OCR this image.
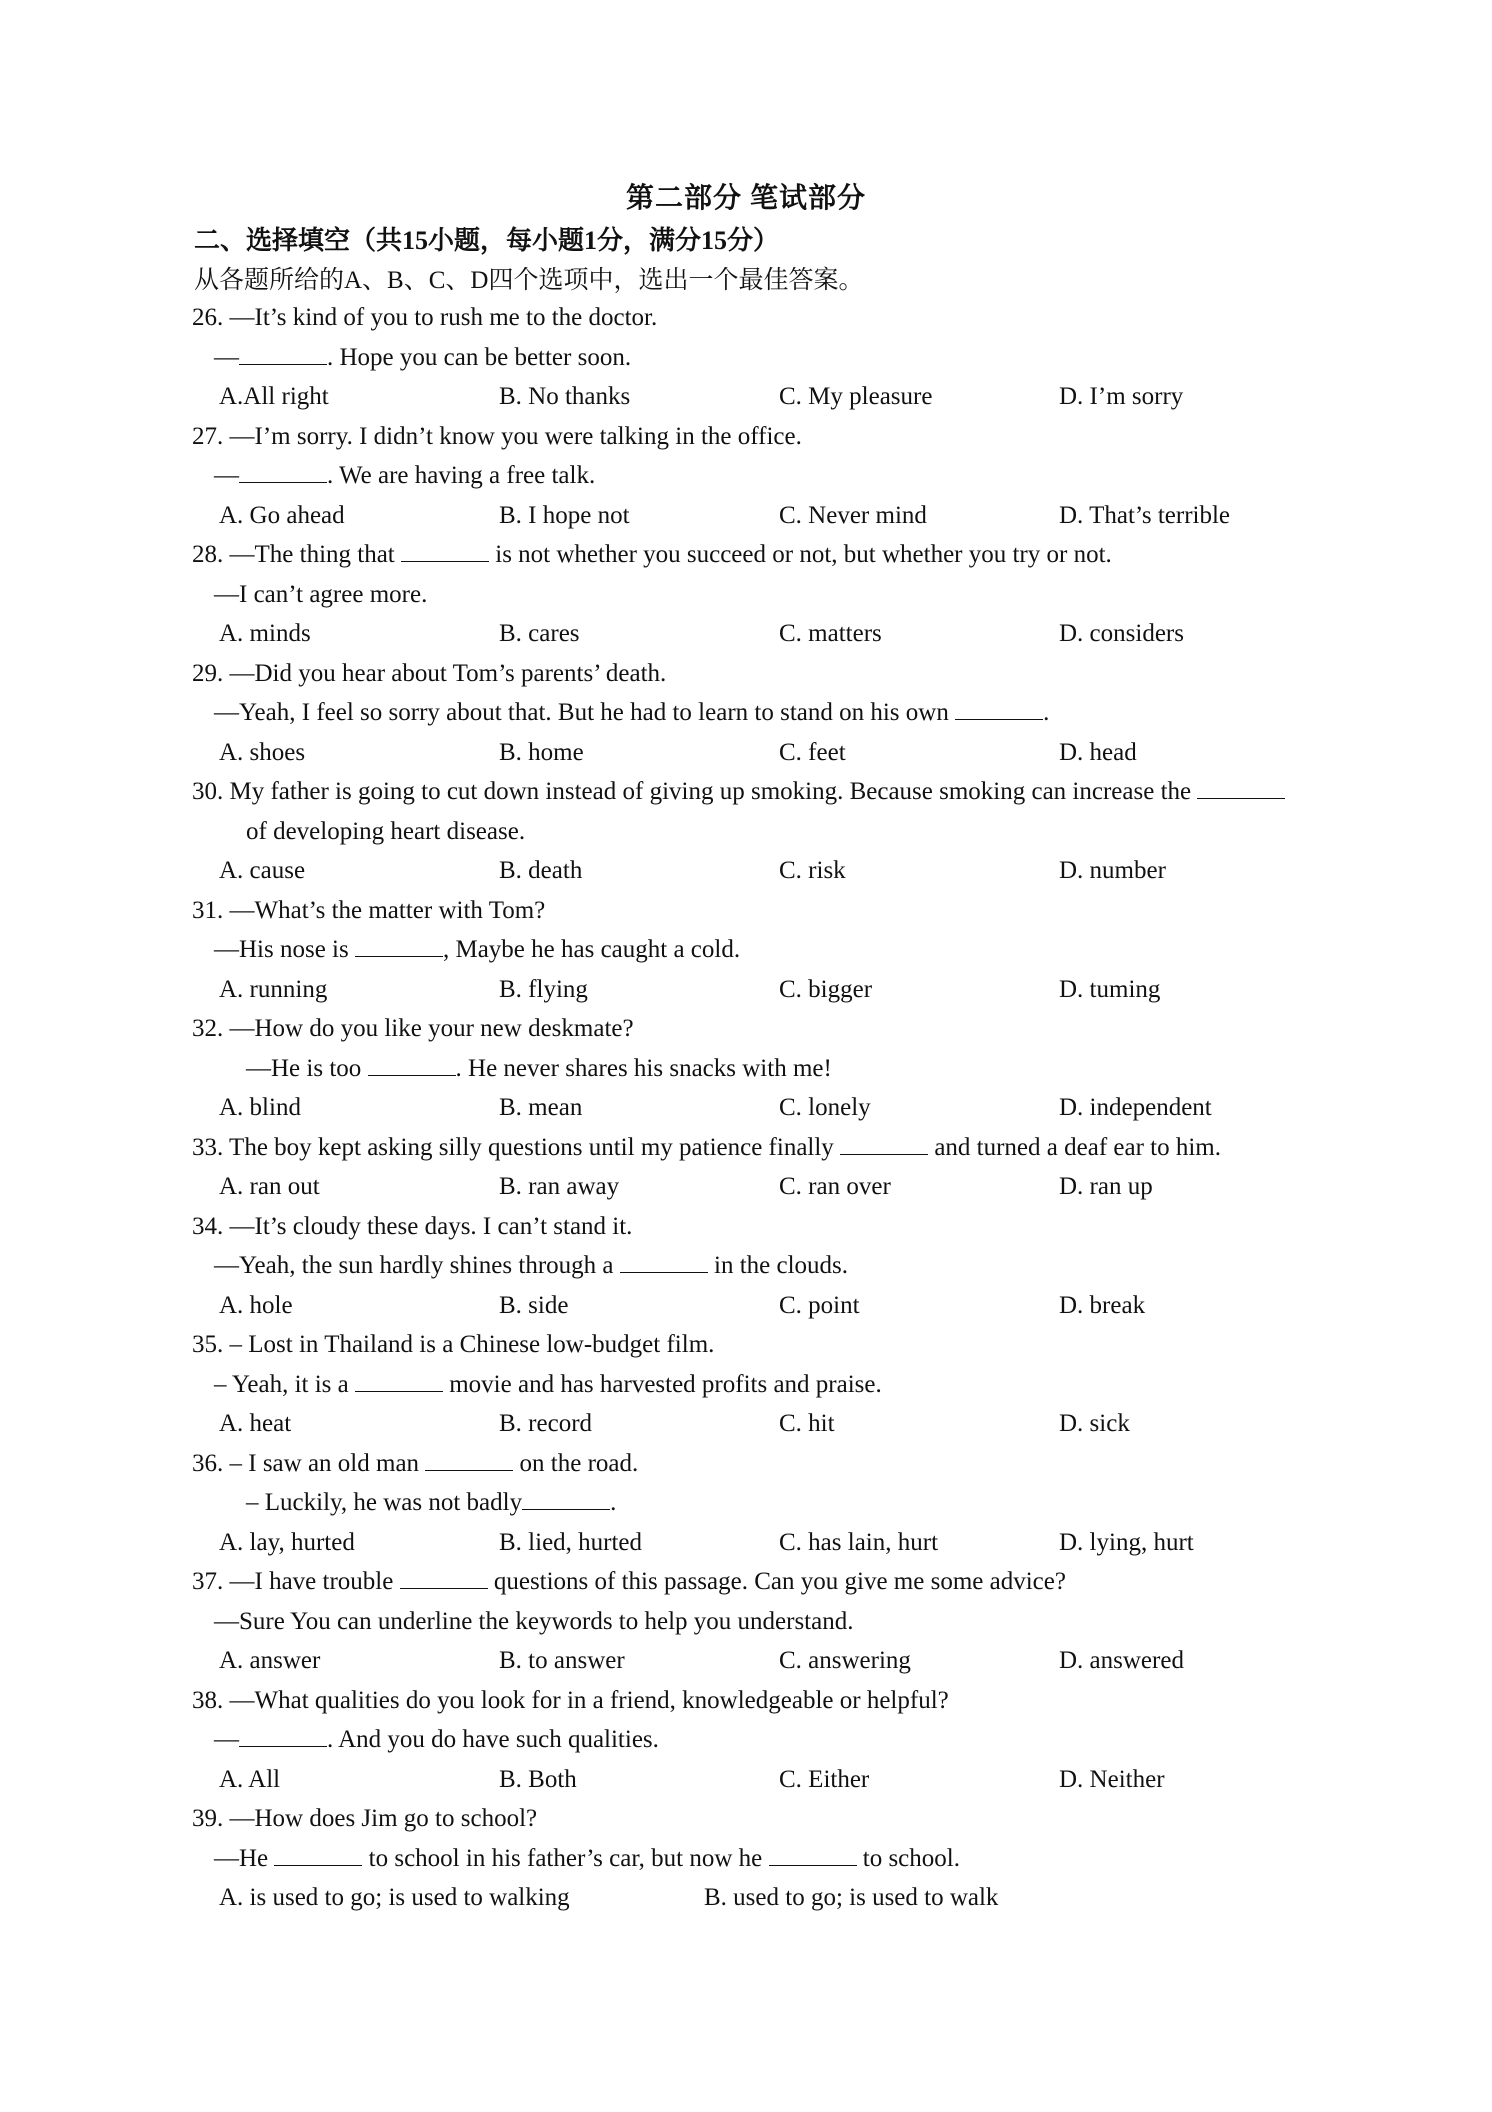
第二部分 笔试部分
二、选择填空（共15小题，每小题1分，满分15分）
从各题所给的A、B、C、D四个选项中，选出一个最佳答案。
26. —It’s kind of you to rush me to the doctor.
—	. Hope you can be better soon.
A.All right	B. No thanks	C. My pleasure	D. I’m sorry
27. —I’m sorry. I didn’t know you were talking in the office.
—	. We are having a free talk.
A. Go ahead	B. I hope not	C. Never mind	D. That’s terrible
28. —The thing that	is not whether you succeed or not, but whether you try or not.
—I can’t agree more.
A. minds	B. cares	C. matters	D. considers
29. —Did you hear about Tom’s parents’ death.
—Yeah, I feel so sorry about that. But he had to learn to stand on his own	.
A. shoes	B. home	C. feet	D. head
30. My father is going to cut down instead of giving up smoking. Because smoking can increase the
of developing heart disease.
A. cause	B. death	C. risk	D. number
31. —What’s the matter with Tom?
—His nose is	, Maybe he has caught a cold.
A. running	B. flying	C. bigger	D. tuming
32. —How do you like your new deskmate?
—He is too	. He never shares his snacks with me!
A. blind	B. mean	C. lonely	D. independent
33. The boy kept asking silly questions until my patience finally	and turned a deaf ear to him.
A. ran out	B. ran away	C. ran over	D. ran up
34. —It’s cloudy these days. I can’t stand it.
—Yeah, the sun hardly shines through a	in the clouds.
A. hole	B. side	C. point	D. break
35. – Lost in Thailand is a Chinese low-budget film.
– Yeah, it is a	movie and has harvested profits and praise.
A. heat	B. record	C. hit	D. sick
36. – I saw an old man	on the road.
– Luckily, he was not badly	.
A. lay, hurted	B. lied, hurted	C. has lain, hurt	D. lying, hurt
37. —I have trouble	questions of this passage. Can you give me some advice?
—Sure You can underline the keywords to help you understand.
A. answer	B. to answer	C. answering	D. answered
38. —What qualities do you look for in a friend, knowledgeable or helpful?
—	. And you do have such qualities.
A. All	B. Both	C. Either	D. Neither
39. —How does Jim go to school?
—He	to school in his father’s car, but now he	to school.
A. is used to go; is used to walking	B. used to go; is used to walk
